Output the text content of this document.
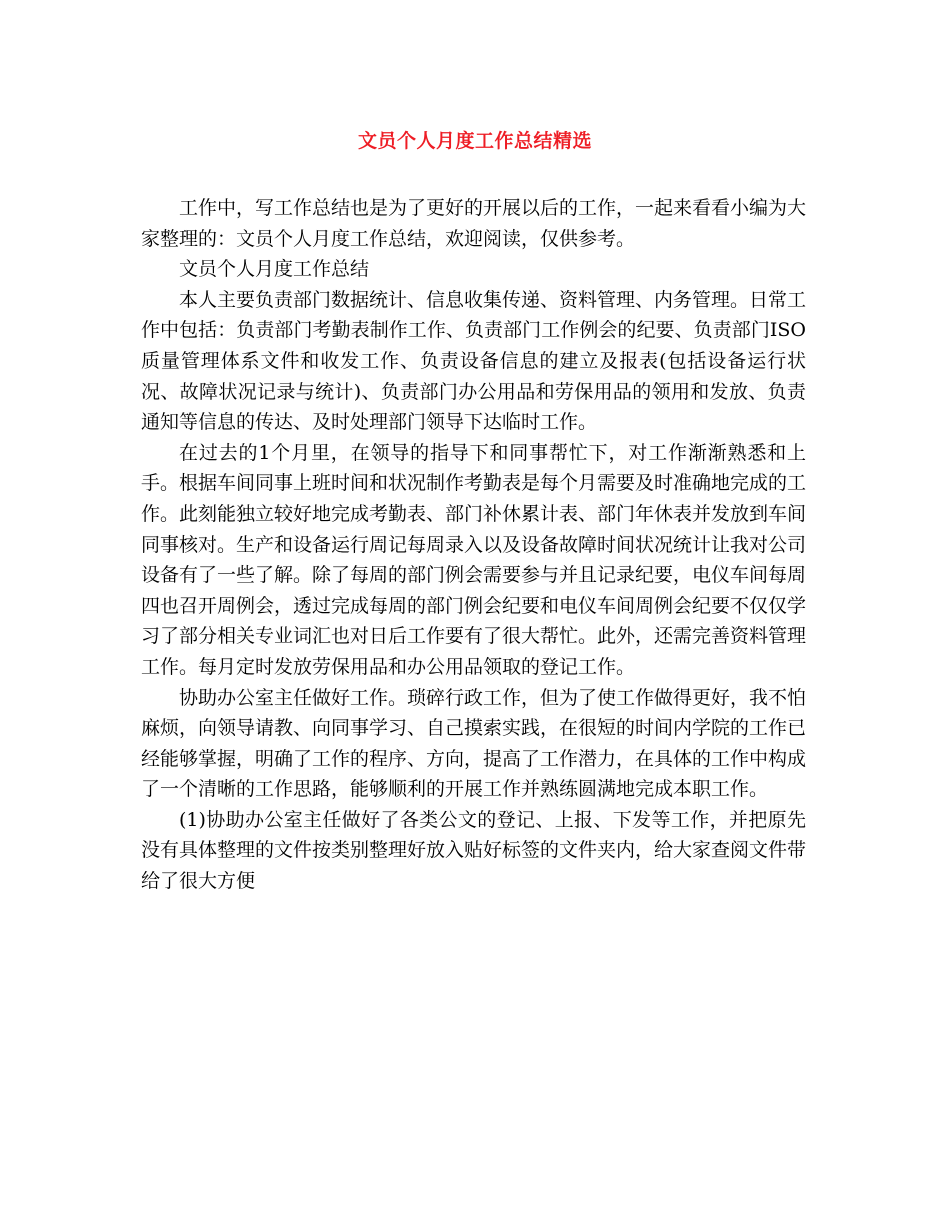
文员个人月度工作总结精选

工作中，写工作总结也是为了更好的开展以后的工作，一起来看看小编为大家整理的：文员个人月度工作总结，欢迎阅读，仅供参考。

文员个人月度工作总结

本人主要负责部门数据统计、信息收集传递、资料管理、内务管理。日常工作中包括：负责部门考勤表制作工作、负责部门工作例会的纪要、负责部门ISO质量管理体系文件和收发工作、负责设备信息的建立及报表(包括设备运行状况、故障状况记录与统计)、负责部门办公用品和劳保用品的领用和发放、负责通知等信息的传达、及时处理部门领导下达临时工作。

在过去的1个月里，在领导的指导下和同事帮忙下，对工作渐渐熟悉和上手。根据车间同事上班时间和状况制作考勤表是每个月需要及时准确地完成的工作。此刻能独立较好地完成考勤表、部门补休累计表、部门年休表并发放到车间同事核对。生产和设备运行周记每周录入以及设备故障时间状况统计让我对公司设备有了一些了解。除了每周的部门例会需要参与并且记录纪要，电仪车间每周四也召开周例会，透过完成每周的部门例会纪要和电仪车间周例会纪要不仅仅学习了部分相关专业词汇也对日后工作要有了很大帮忙。此外，还需完善资料管理工作。每月定时发放劳保用品和办公用品领取的登记工作。

协助办公室主任做好工作。琐碎行政工作，但为了使工作做得更好，我不怕麻烦，向领导请教、向同事学习、自己摸索实践，在很短的时间内学院的工作已经能够掌握，明确了工作的程序、方向，提高了工作潜力，在具体的工作中构成了一个清晰的工作思路，能够顺利的开展工作并熟练圆满地完成本职工作。

(1)协助办公室主任做好了各类公文的登记、上报、下发等工作，并把原先没有具体整理的文件按类别整理好放入贴好标签的文件夹内，给大家查阅文件带给了很大方便
